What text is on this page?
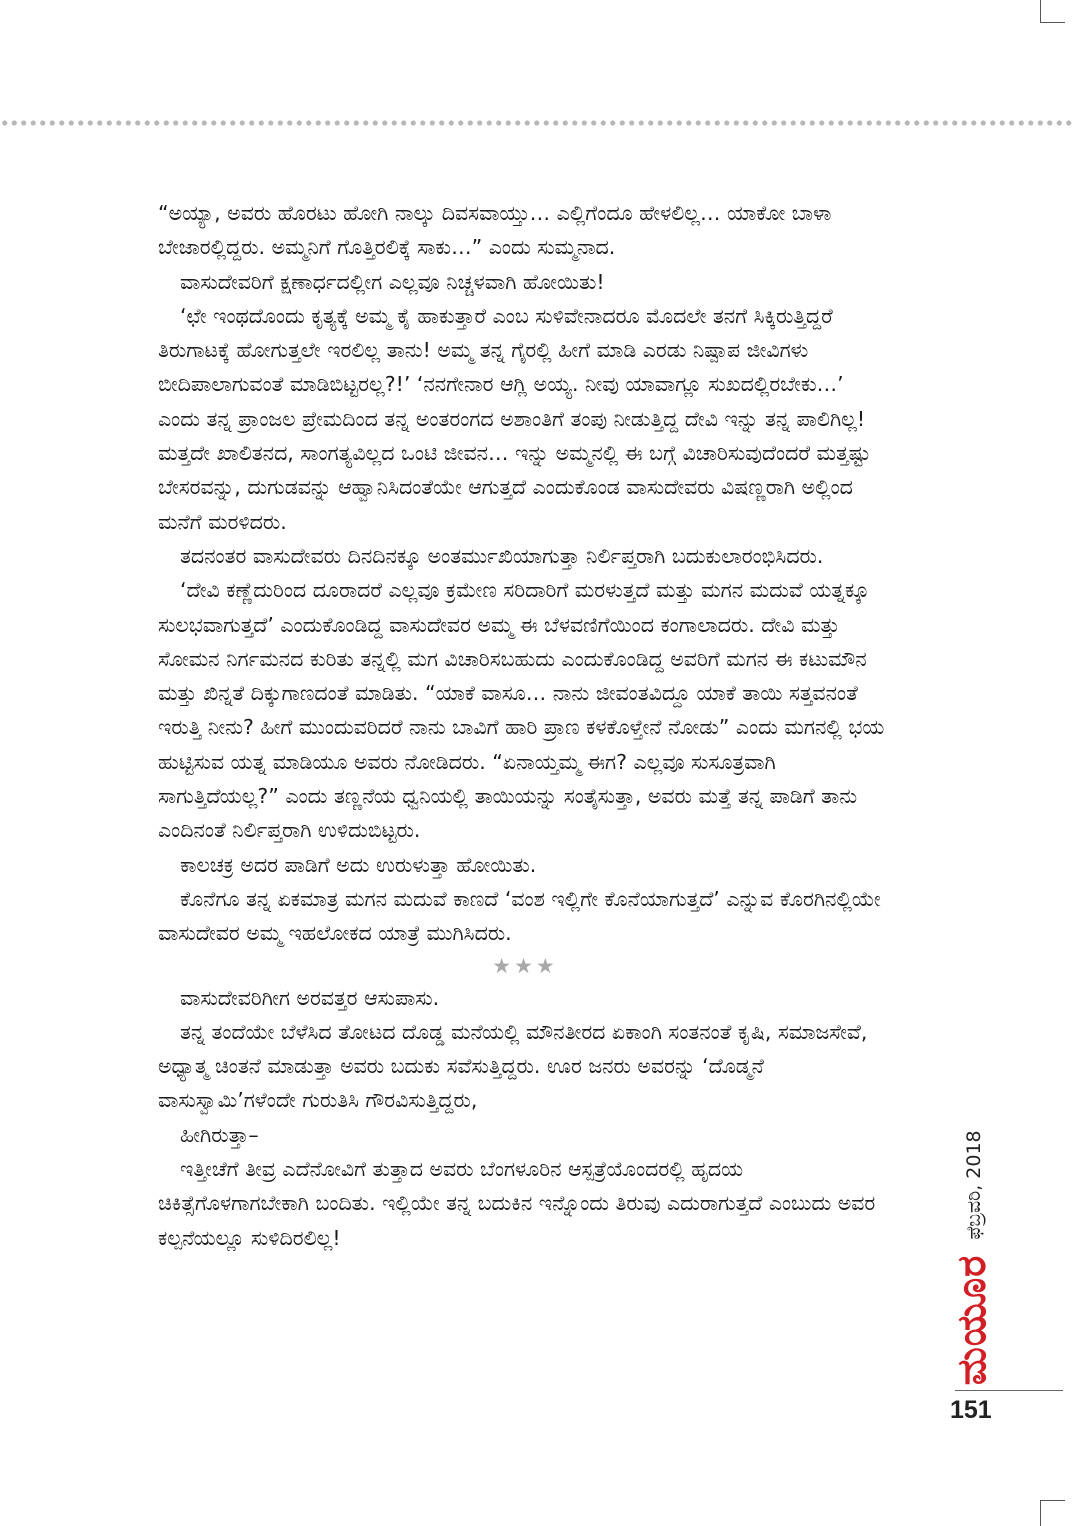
“ಅಯ್ಯಾ, ಅವರು ಹೊರಟು ಹೋಗಿ ನಾಲ್ಕು ದಿವಸವಾಯ್ತು… ಎಲ್ಲಿಗೆಂದೂ ಹೇಳಲಿಲ್ಲ… ಯಾಕೋ ಬಾಳಾ ಬೇಜಾರಲ್ಲಿದ್ದರು. ಅಮ್ಮನಿಗೆ ಗೊತ್ತಿರಲಿಕ್ಕೆ ಸಾಕು…” ಎಂದು ಸುಮ್ಮನಾದ.

ವಾಸುದೇವರಿಗೆ ಕ್ಷಣಾರ್ಧದಲ್ಲೀಗ ಎಲ್ಲವೂ ನಿಚ್ಚಳವಾಗಿ ಹೋಯಿತು!

‘ಛೇ ಇಂಥದೊಂದು ಕೃತ್ಯಕ್ಕೆ ಅಮ್ಮ ಕೈ ಹಾಕುತ್ತಾರೆ ಎಂಬ ಸುಳಿವೇನಾದರೂ ಮೊದಲೇ ತನಗೆ ಸಿಕ್ಕಿರುತ್ತಿದ್ದರೆ ತಿರುಗಾಟಕ್ಕೆ ಹೋಗುತ್ತಲೇ ಇರಲಿಲ್ಲ ತಾನು! ಅಮ್ಮ ತನ್ನ ಗೈರಲ್ಲಿ ಹೀಗೆ ಮಾಡಿ ಎರಡು ನಿಷ್ಪಾಪ ಜೀವಿಗಳು ಬೀದಿಪಾಲಾಗುವಂತೆ ಮಾಡಿಬಿಟ್ಟರಲ್ಲ?!’ ‘ನನಗೇನಾರ ಆಗ್ಲಿ ಅಯ್ಯ. ನೀವು ಯಾವಾಗ್ಲೂ ಸುಖದಲ್ಲಿರಬೇಕು…’ ಎಂದು ತನ್ನ ಪ್ರಾಂಜಲ ಪ್ರೇಮದಿಂದ ತನ್ನ ಅಂತರಂಗದ ಅಶಾಂತಿಗೆ ತಂಪು ನೀಡುತ್ತಿದ್ದ ದೇವಿ ಇನ್ನು ತನ್ನ ಪಾಲಿಗಿಲ್ಲ! ಮತ್ತದೇ ಖಾಲಿತನದ, ಸಾಂಗತ್ಯವಿಲ್ಲದ ಒಂಟಿ ಜೀವನ… ಇನ್ನು ಅಮ್ಮನಲ್ಲಿ ಈ ಬಗ್ಗೆ ವಿಚಾರಿಸುವುದೆಂದರೆ ಮತ್ತಷ್ಟು ಬೇಸರವನ್ನು, ದುಗುಡವನ್ನು ಆಹ್ವಾನಿಸಿದಂತೆಯೇ ಆಗುತ್ತದೆ ಎಂದುಕೊಂಡ ವಾಸುದೇವರು ವಿಷಣ್ಣರಾಗಿ ಅಲ್ಲಿಂದ ಮನೆಗೆ ಮರಳಿದರು.

ತದನಂತರ ವಾಸುದೇವರು ದಿನದಿನಕ್ಕೂ ಅಂತರ್ಮುಖಿಯಾಗುತ್ತಾ ನಿರ್ಲಿಪ್ತರಾಗಿ ಬದುಕುಲಾರಂಭಿಸಿದರು.

‘ದೇವಿ ಕಣ್ಣೆದುರಿಂದ ದೂರಾದರೆ ಎಲ್ಲವೂ ಕ್ರಮೇಣ ಸರಿದಾರಿಗೆ ಮರಳುತ್ತದೆ ಮತ್ತು ಮಗನ ಮದುವೆ ಯತ್ನಕ್ಕೂ ಸುಲಭವಾಗುತ್ತದೆ’ ಎಂದುಕೊಂಡಿದ್ದ ವಾಸುದೇವರ ಅಮ್ಮ ಈ ಬೆಳವಣಿಗೆಯಿಂದ ಕಂಗಾಲಾದರು. ದೇವಿ ಮತ್ತು ಸೋಮನ ನಿರ್ಗಮನದ ಕುರಿತು ತನ್ನಲ್ಲಿ ಮಗ ವಿಚಾರಿಸಬಹುದು ಎಂದುಕೊಂಡಿದ್ದ ಅವರಿಗೆ ಮಗನ ಈ ಕಟುಮೌನ ಮತ್ತು ಖಿನ್ನತೆ ದಿಕ್ಕುಗಾಣದಂತೆ ಮಾಡಿತು. “ಯಾಕೆ ವಾಸೂ… ನಾನು ಜೀವಂತವಿದ್ದೂ ಯಾಕೆ ತಾಯಿ ಸತ್ತವನಂತೆ ಇರುತ್ತಿ ನೀನು? ಹೀಗೆ ಮುಂದುವರಿದರೆ ನಾನು ಬಾವಿಗೆ ಹಾರಿ ಪ್ರಾಣ ಕಳಕೊಳ್ತೇನೆ ನೋಡು” ಎಂದು ಮಗನಲ್ಲಿ ಭಯ ಹುಟ್ಟಿಸುವ ಯತ್ನ ಮಾಡಿಯೂ ಅವರು ನೋಡಿದರು. “ಏನಾಯ್ತಮ್ಮ ಈಗ? ಎಲ್ಲವೂ ಸುಸೂತ್ರವಾಗಿ ಸಾಗುತ್ತಿದೆಯಲ್ಲ?” ಎಂದು ತಣ್ಣನೆಯ ಧ್ವನಿಯಲ್ಲಿ ತಾಯಿಯನ್ನು ಸಂತೈಸುತ್ತಾ, ಅವರು ಮತ್ತೆ ತನ್ನ ಪಾಡಿಗೆ ತಾನು ಎಂದಿನಂತೆ ನಿರ್ಲಿಪ್ತರಾಗಿ ಉಳಿದುಬಿಟ್ಟರು.

ಕಾಲಚಕ್ರ ಅದರ ಪಾಡಿಗೆ ಅದು ಉರುಳುತ್ತಾ ಹೋಯಿತು.

ಕೊನೆಗೂ ತನ್ನ ಏಕಮಾತ್ರ ಮಗನ ಮದುವೆ ಕಾಣದೆ ‘ವಂಶ ಇಲ್ಲಿಗೇ ಕೊನೆಯಾಗುತ್ತದೆ’ ಎನ್ನುವ ಕೊರಗಿನಲ್ಲಿಯೇ ವಾಸುದೇವರ ಅಮ್ಮ ಇಹಲೋಕದ ಯಾತ್ರೆ ಮುಗಿಸಿದರು.

★★★

ವಾಸುದೇವರಿಗೀಗ ಅರವತ್ತರ ಆಸುಪಾಸು.

ತನ್ನ ತಂದೆಯೇ ಬೆಳೆಸಿದ ತೋಟದ ದೊಡ್ಡ ಮನೆಯಲ್ಲಿ ಮೌನತೀರದ ಏಕಾಂಗಿ ಸಂತನಂತೆ ಕೃಷಿ, ಸಮಾಜಸೇವೆ, ಅಧ್ಯಾತ್ಮ ಚಿಂತನೆ ಮಾಡುತ್ತಾ ಅವರು ಬದುಕು ಸವೆಸುತ್ತಿದ್ದರು. ಊರ ಜನರು ಅವರನ್ನು ‘ದೊಡ್ಮನೆ ವಾಸುಸ್ವಾಮಿ’ಗಳೆಂದೇ ಗುರುತಿಸಿ ಗೌರವಿಸುತ್ತಿದ್ದರು,

ಹೀಗಿರುತ್ತಾ–

ಇತ್ತೀಚೆಗೆ ತೀವ್ರ ಎದೆನೋವಿಗೆ ತುತ್ತಾದ ಅವರು ಬೆಂಗಳೂರಿನ ಆಸ್ಪತ್ರೆಯೊಂದರಲ್ಲಿ ಹೃದಯ ಚಿಕಿತ್ಸೆಗೊಳಗಾಗಬೇಕಾಗಿ ಬಂದಿತು. ಇಲ್ಲಿಯೇ ತನ್ನ ಬದುಕಿನ ಇನ್ನೊಂದು ತಿರುವು ಎದುರಾಗುತ್ತದೆ ಎಂಬುದು ಅವರ ಕಲ್ಪನೆಯಲ್ಲೂ ಸುಳಿದಿರಲಿಲ್ಲ!	ಫೆಬ್ರವರಿ, 2018
ಮಯೂರ
151
